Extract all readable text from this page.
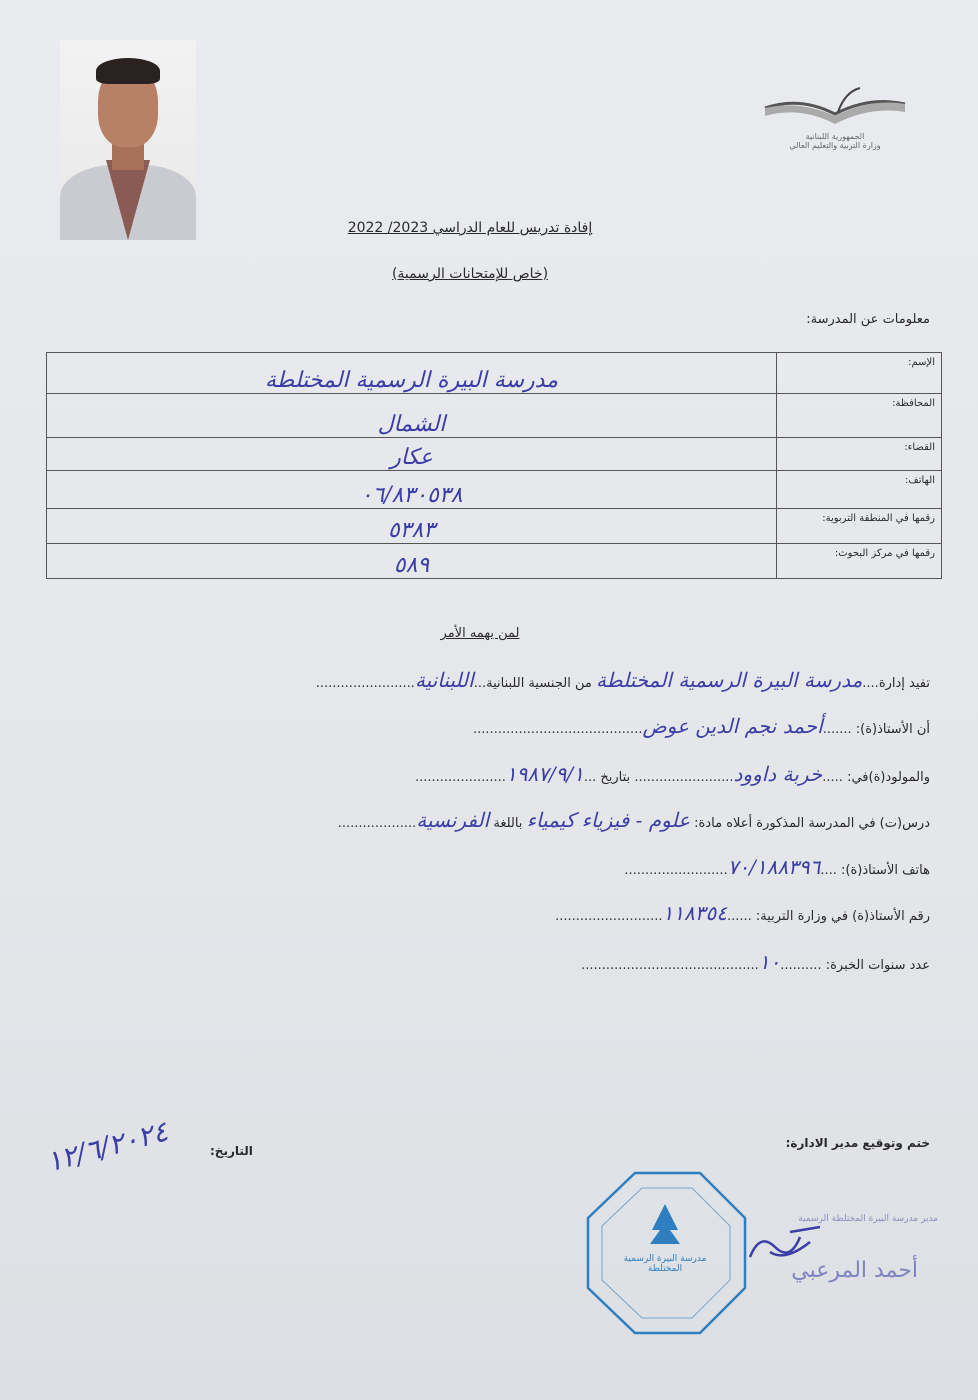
الجمهورية اللبنانية
وزارة التربية والتعليم العالي
إفادة تدريس للعام الدراسي 2023/ 2022
(خاص للإمتحانات الرسمية)
معلومات عن المدرسة:
مدرسة البيرة الرسمية المختلطة	الإسم:
الشمال	المحافظة:
عكار	القضاء:
٠٦/٨٣٠٥٣٨	الهاتف:
٥٣٨٣	رقمها في المنطقة التربوية:
٥٨٩	رقمها في مركز البحوث:
لمن يهمه الأمر
تفيد إدارة....مدرسة البيرة الرسمية المختلطة من الجنسية اللبنانية...اللبنانية........................
أن الأستاذ(ة): .......أحمد نجم الدين عوض.........................................
والمولود(ة)في: .....خربة داوود........................ بتاريخ ...١٩٨٧/٩/١......................
درس(ت) في المدرسة المذكورة أعلاه مادة: علوم - فيزياء كيمياء باللغة الفرنسية...................
هاتف الأستاذ(ة): ....٧٠/١٨٨٣٩٦.........................
رقم الأستاذ(ة) في وزارة التربية: ......١١٨٣٥٤..........................
عدد سنوات الخبرة: ..........١٠...........................................
التاريخ:
١٢/٦/٢٠٢٤	ختم وتوقيع مدير الادارة:
مدير مدرسة البيرة المختلطة الرسمية
أحمد المرعبي
مدرسة البيرة الرسمية المختلطة
